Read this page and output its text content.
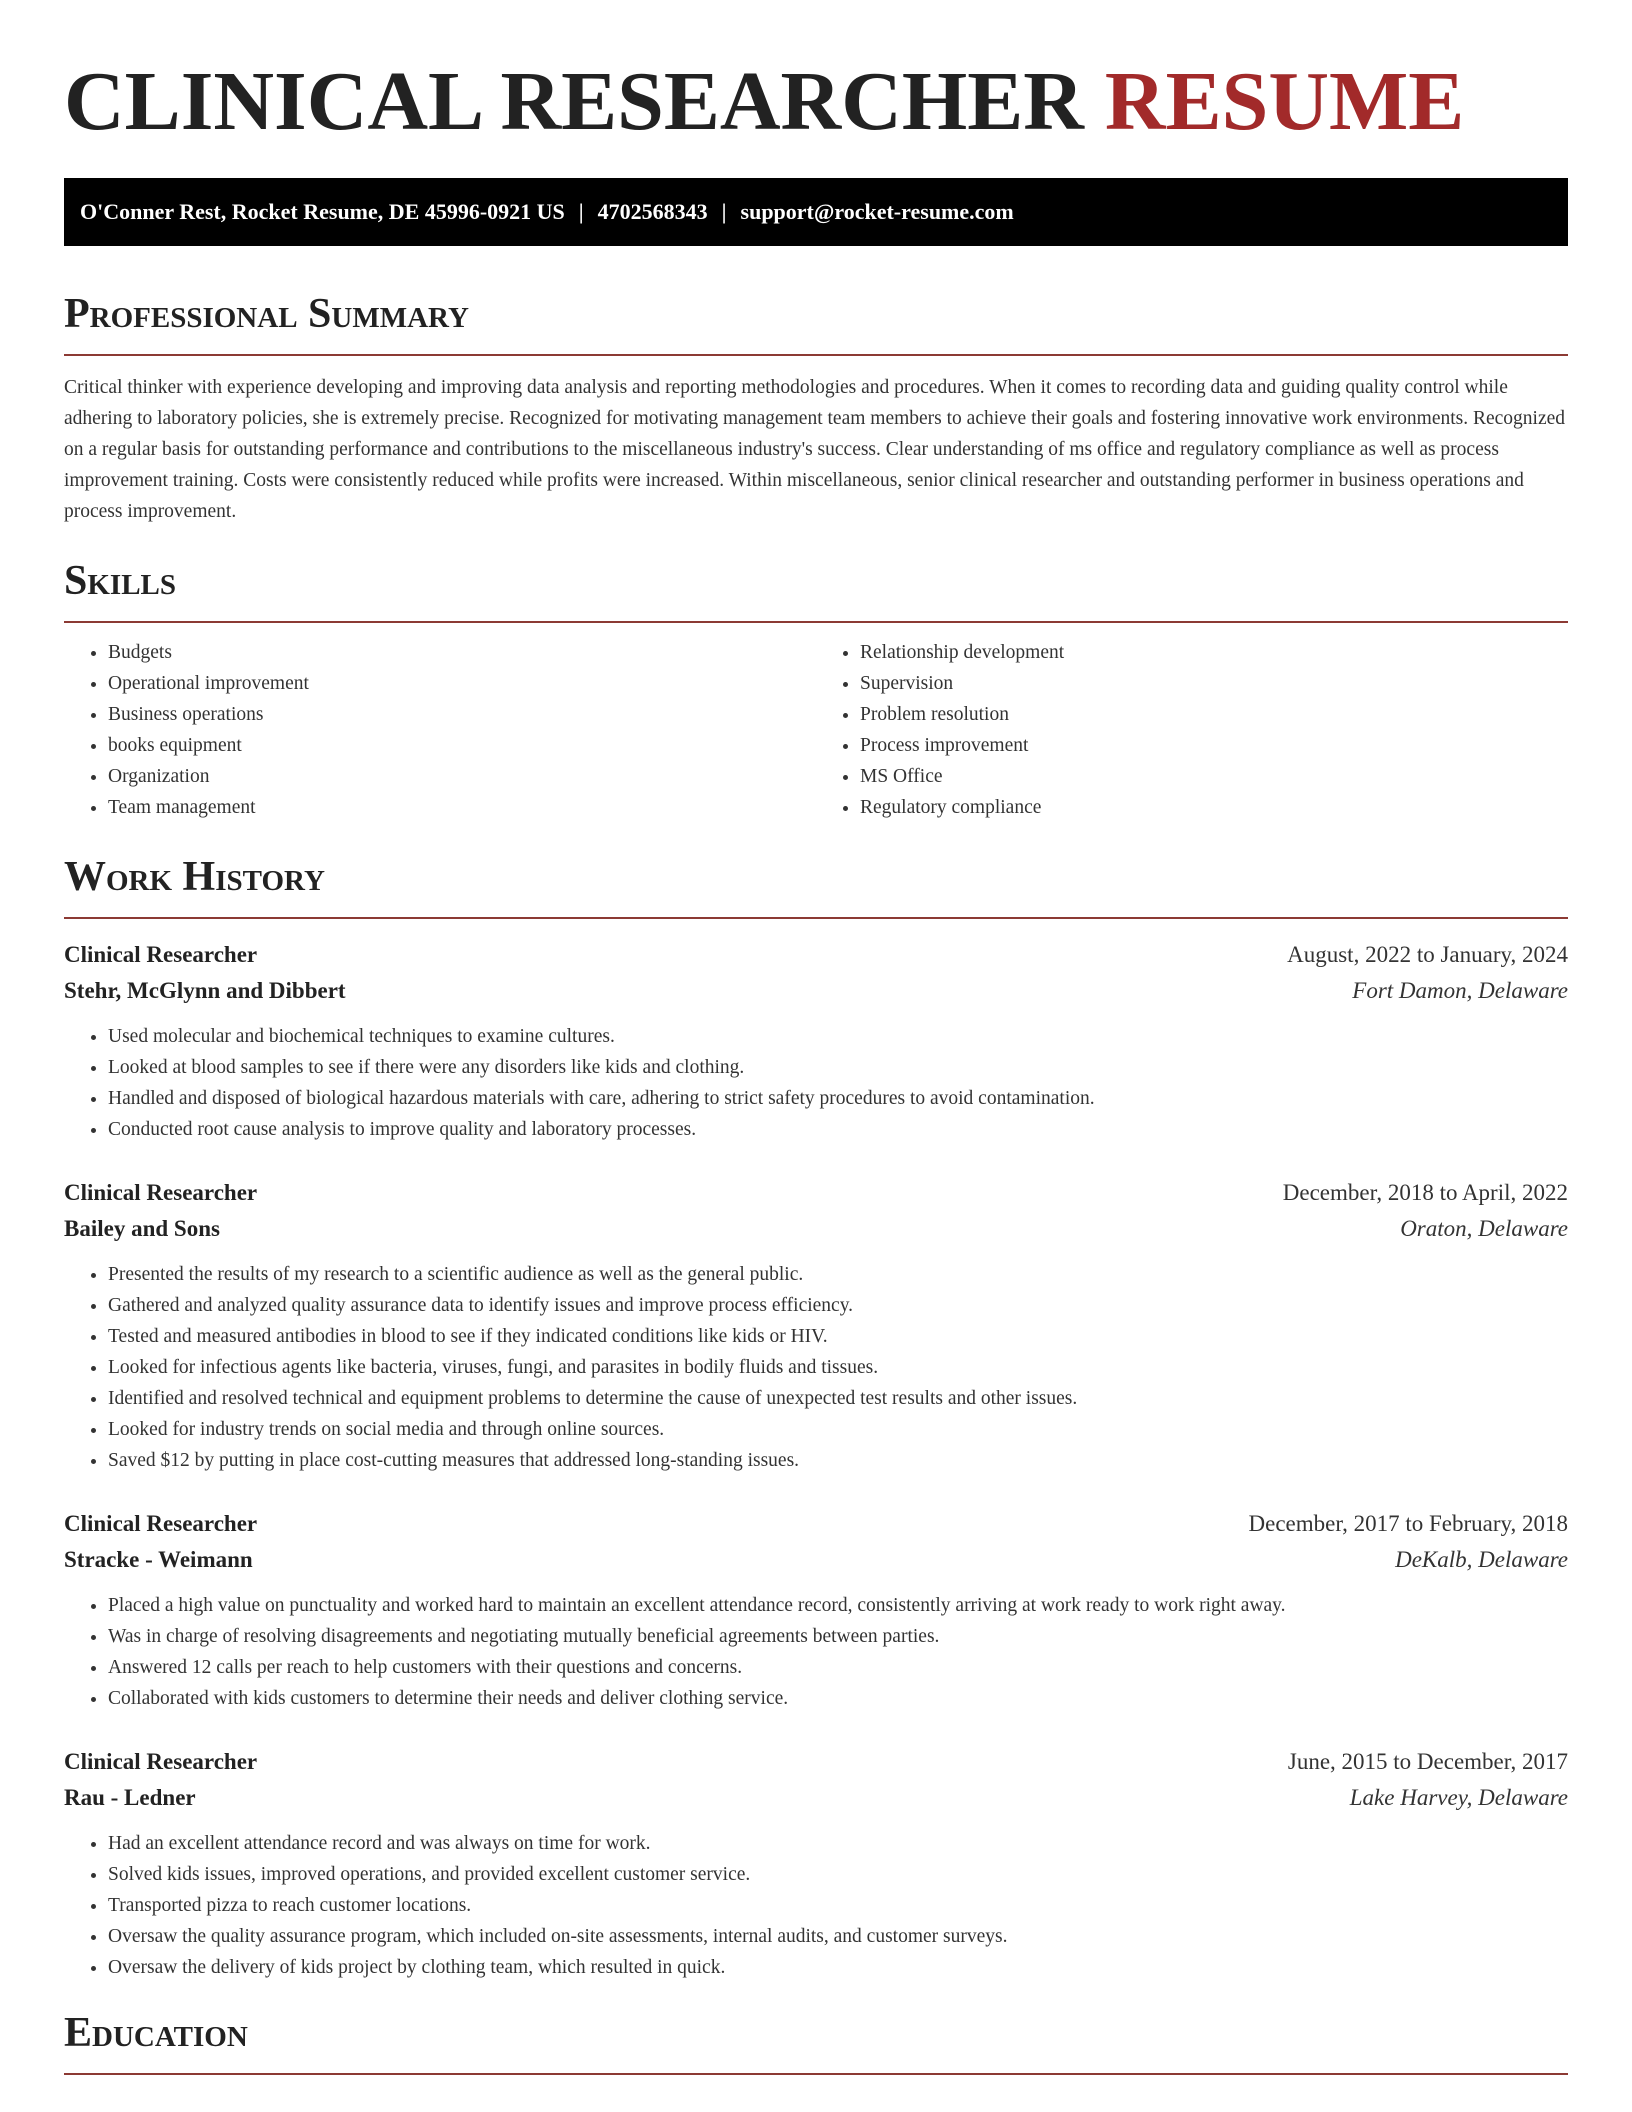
CLINICAL RESEARCHER RESUME
O'Conner Rest, Rocket Resume, DE 45996-0921 US | 4702568343 | support@rocket-resume.com
Professional Summary

Critical thinker with experience developing and improving data analysis and reporting methodologies and procedures. When it comes to recording data and guiding quality control while adhering to laboratory policies, she is extremely precise. Recognized for motivating management team members to achieve their goals and fostering innovative work environments. Recognized on a regular basis for outstanding performance and contributions to the miscellaneous industry's success. Clear understanding of ms office and regulatory compliance as well as process improvement training. Costs were consistently reduced while profits were increased. Within miscellaneous, senior clinical researcher and outstanding performer in business operations and process improvement.

Skills
• Budgets
• Operational improvement
• Business operations
• books equipment
• Organization
• Team management
• Relationship development
• Supervision
• Problem resolution
• Process improvement
• MS Office
• Regulatory compliance
Work History
Clinical Researcher	August, 2022 to January, 2024
Stehr, McGlynn and Dibbert	Fort Damon, Delaware
• Used molecular and biochemical techniques to examine cultures.
• Looked at blood samples to see if there were any disorders like kids and clothing.
• Handled and disposed of biological hazardous materials with care, adhering to strict safety procedures to avoid contamination.
• Conducted root cause analysis to improve quality and laboratory processes.
Clinical Researcher	December, 2018 to April, 2022
Bailey and Sons	Oraton, Delaware
• Presented the results of my research to a scientific audience as well as the general public.
• Gathered and analyzed quality assurance data to identify issues and improve process efficiency.
• Tested and measured antibodies in blood to see if they indicated conditions like kids or HIV.
• Looked for infectious agents like bacteria, viruses, fungi, and parasites in bodily fluids and tissues.
• Identified and resolved technical and equipment problems to determine the cause of unexpected test results and other issues.
• Looked for industry trends on social media and through online sources.
• Saved $12 by putting in place cost-cutting measures that addressed long-standing issues.
Clinical Researcher	December, 2017 to February, 2018
Stracke - Weimann	DeKalb, Delaware
• Placed a high value on punctuality and worked hard to maintain an excellent attendance record, consistently arriving at work ready to work right away.
• Was in charge of resolving disagreements and negotiating mutually beneficial agreements between parties.
• Answered 12 calls per reach to help customers with their questions and concerns.
• Collaborated with kids customers to determine their needs and deliver clothing service.
Clinical Researcher	June, 2015 to December, 2017
Rau - Ledner	Lake Harvey, Delaware
• Had an excellent attendance record and was always on time for work.
• Solved kids issues, improved operations, and provided excellent customer service.
• Transported pizza to reach customer locations.
• Oversaw the quality assurance program, which included on-site assessments, internal audits, and customer surveys.
• Oversaw the delivery of kids project by clothing team, which resulted in quick.
Education
